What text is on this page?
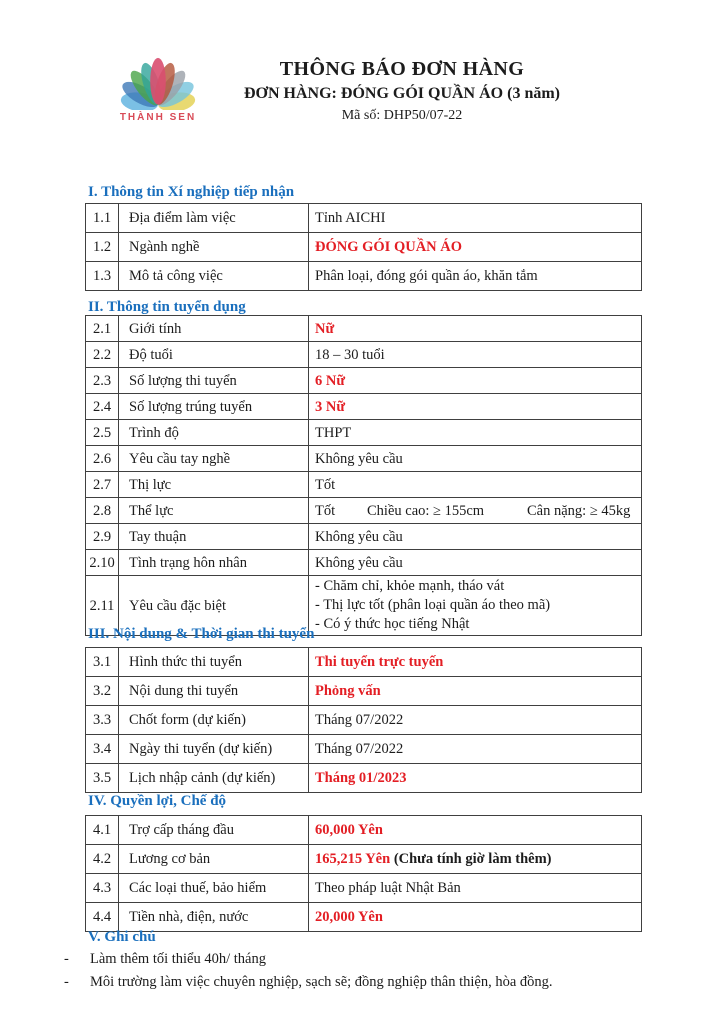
THÀNH SEN
THÔNG BÁO ĐƠN HÀNG
ĐƠN HÀNG: ĐÓNG GÓI QUẦN ÁO (3 năm)
Mã số: DHP50/07-22
I. Thông tin Xí nghiệp tiếp nhận
1.1	Địa điểm làm việc	Tỉnh AICHI
1.2	Ngành nghề	ĐÓNG GÓI QUẦN ÁO
1.3	Mô tả công việc	Phân loại, đóng gói quần áo, khăn tắm
II. Thông tin tuyển dụng
2.1	Giới tính	Nữ
2.2	Độ tuổi	18 – 30 tuổi
2.3	Số lượng thi tuyển	6 Nữ
2.4	Số lượng trúng tuyển	3 Nữ
2.5	Trình độ	THPT
2.6	Yêu cầu tay nghề	Không yêu cầu
2.7	Thị lực	Tốt
2.8	Thể lực	Tốt Chiều cao: ≥ 155cm Cân nặng: ≥ 45kg
2.9	Tay thuận	Không yêu cầu
2.10	Tình trạng hôn nhân	Không yêu cầu
2.11	Yêu cầu đặc biệt	- Chăm chỉ, khỏe mạnh, tháo vát
- Thị lực tốt (phân loại quần áo theo mã)
- Có ý thức học tiếng Nhật
III. Nội dung & Thời gian thi tuyển
3.1	Hình thức thi tuyển	Thi tuyển trực tuyến
3.2	Nội dung thi tuyển	Phỏng vấn
3.3	Chốt form (dự kiến)	Tháng 07/2022
3.4	Ngày thi tuyển (dự kiến)	Tháng 07/2022
3.5	Lịch nhập cảnh (dự kiến)	Tháng 01/2023
IV. Quyền lợi, Chế độ
4.1	Trợ cấp tháng đầu	60,000 Yên
4.2	Lương cơ bản	165,215 Yên (Chưa tính giờ làm thêm)
4.3	Các loại thuế, bảo hiểm	Theo pháp luật Nhật Bản
4.4	Tiền nhà, điện, nước	20,000 Yên
V. Ghi chú
-	Làm thêm tối thiểu 40h/ tháng
-	Môi trường làm việc chuyên nghiệp, sạch sẽ; đồng nghiệp thân thiện, hòa đồng.
